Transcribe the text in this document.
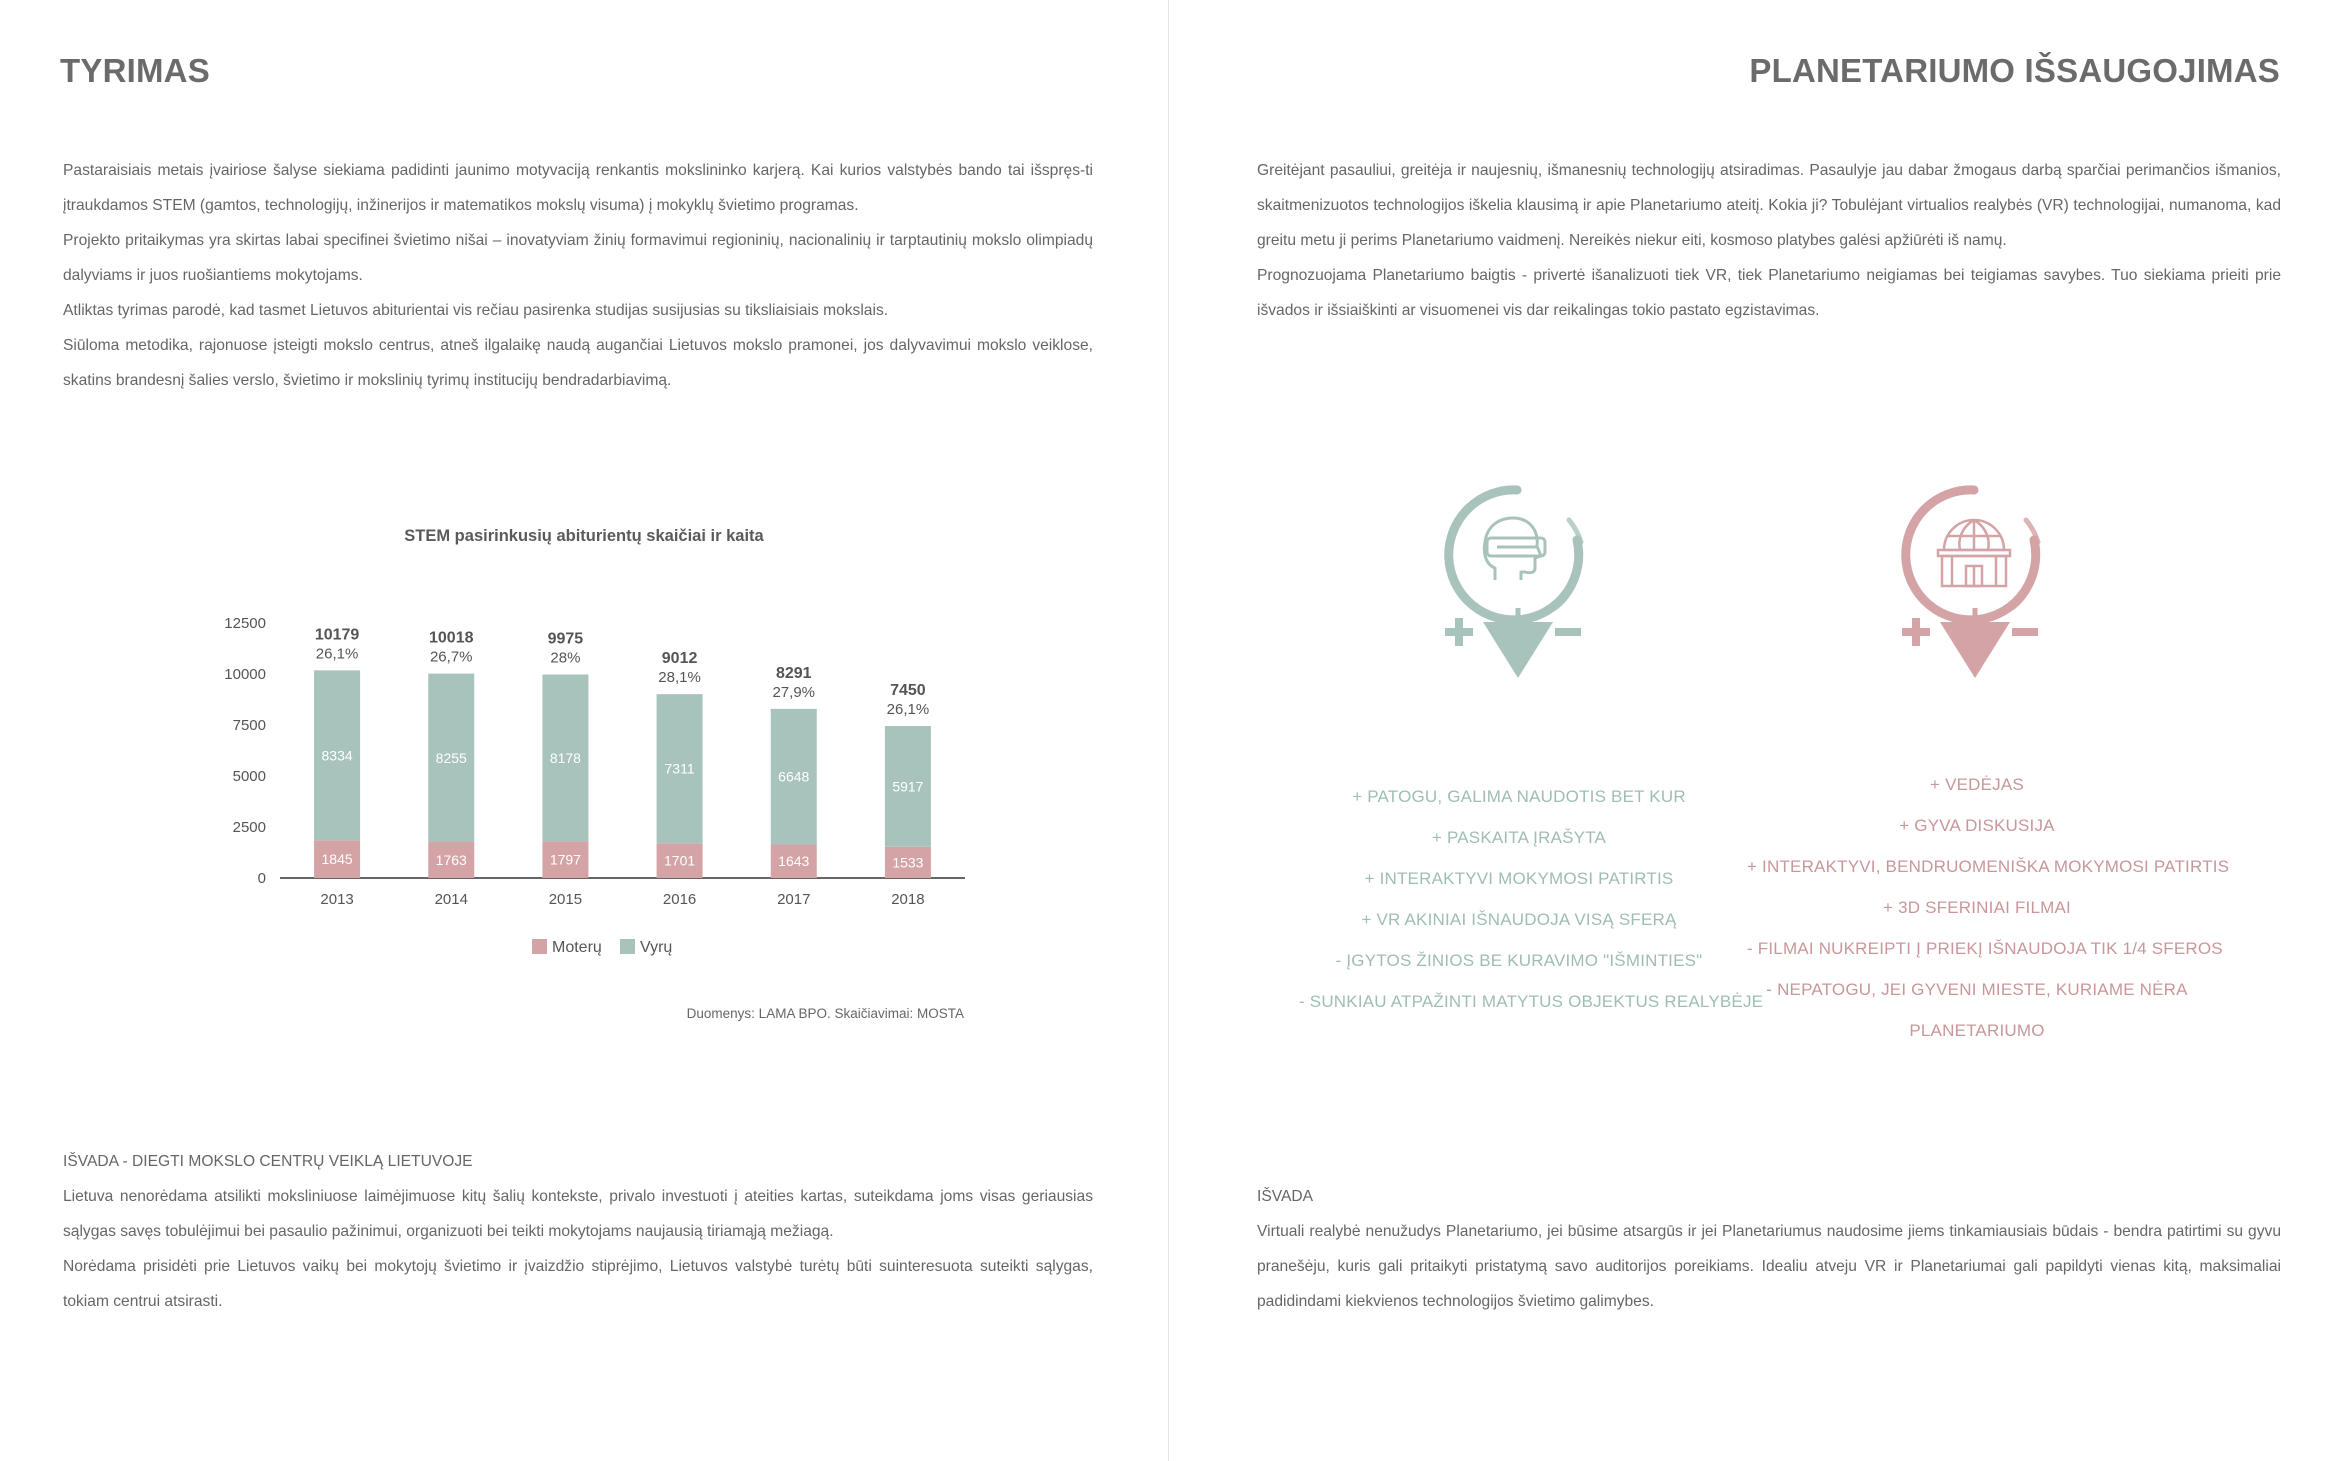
TYRIMAS

Pastaraisiais metais įvairiose šalyse siekiama padidinti jaunimo motyvaciją renkantis mokslininko karjerą. Kai kurios valstybės bando tai išspręs-ti įtraukdamos STEM (gamtos, technologijų, inžinerijos ir matematikos mokslų visuma) į mokyklų švietimo programas.

Projekto pritaikymas yra skirtas labai specifinei švietimo nišai – inovatyviam žinių formavimui regioninių, nacionalinių ir tarptautinių mokslo olimpiadų dalyviams ir juos ruošiantiems mokytojams.

Atliktas tyrimas parodė, kad tasmet Lietuvos abiturientai vis rečiau pasirenka studijas susijusias su tiksliaisiais mokslais.

Siūloma metodika, rajonuose įsteigti mokslo centrus, atneš ilgalaikę naudą augančiai Lietuvos mokslo pramonei, jos dalyvavimui mokslo veiklose, skatins brandesnį šalies verslo, švietimo ir mokslinių tyrimų institucijų bendradarbiavimą.

STEM pasirinkusių abiturientų skaičiai ir kaita
0
2500
5000
7500
10000
12500
1845
8334
10179
26,1%
2013
1763
8255
10018
26,7%
2014
1797
8178
9975
28%
2015
1701
7311
9012
28,1%
2016
1643
6648
8291
27,9%
2017
1533
5917
7450
26,1%
2018
Moterų Vyrų
Duomenys: LAMA BPO. Skaičiavimai: MOSTA

IŠVADA - DIEGTI MOKSLO CENTRŲ VEIKLĄ LIETUVOJE

Lietuva nenorėdama atsilikti moksliniuose laimėjimuose kitų šalių kontekste, privalo investuoti į ateities kartas, suteikdama joms visas geriausias sąlygas savęs tobulėjimui bei pasaulio pažinimui, organizuoti bei teikti mokytojams naujausią tiriamąją mežiagą.

Norėdama prisidėti prie Lietuvos vaikų bei mokytojų švietimo ir įvaizdžio stiprėjimo, Lietuvos valstybė turėtų būti suinteresuota suteikti sąlygas, tokiam centrui atsirasti.

PLANETARIUMO IŠSAUGOJIMAS

Greitėjant pasauliui, greitėja ir naujesnių, išmanesnių technologijų atsiradimas. Pasaulyje jau dabar žmogaus darbą sparčiai perimančios išmanios, skaitmenizuotos technologijos iškelia klausimą ir apie Planetariumo ateitį. Kokia ji? Tobulėjant virtualios realybės (VR) technologijai, numanoma, kad greitu metu ji perims Planetariumo vaidmenį. Nereikės niekur eiti, kosmoso platybes galėsi apžiūrėti iš namų.

Prognozuojama Planetariumo baigtis - privertė išanalizuoti tiek VR, tiek Planetariumo neigiamas bei teigiamas savybes. Tuo siekiama prieiti prie išvados ir išsiaiškinti ar visuomenei vis dar reikalingas tokio pastato egzistavimas.

+ PATOGU, GALIMA NAUDOTIS BET KUR
+ PASKAITA ĮRAŠYTA
+ INTERAKTYVI MOKYMOSI PATIRTIS
+ VR AKINIAI IŠNAUDOJA VISĄ SFERĄ
- ĮGYTOS ŽINIOS BE KURAVIMO "IŠMINTIES"
- SUNKIAU ATPAŽINTI MATYTUS OBJEKTUS REALYBĖJE
+ VEDĖJAS
+ GYVA DISKUSIJA
+ INTERAKTYVI, BENDRUOMENIŠKA MOKYMOSI PATIRTIS
+ 3D SFERINIAI FILMAI
- FILMAI NUKREIPTI Į PRIEKĮ IŠNAUDOJA TIK 1/4 SFEROS
- NEPATOGU, JEI GYVENI MIESTE, KURIAME NĖRA
PLANETARIUMO

IŠVADA

Virtuali realybė nenužudys Planetariumo, jei būsime atsargūs ir jei Planetariumus naudosime jiems tinkamiausiais būdais - bendra patirtimi su gyvu pranešėju, kuris gali pritaikyti pristatymą savo auditorijos poreikiams. Idealiu atveju VR ir Planetariumai gali papildyti vienas kitą, maksimaliai padidindami kiekvienos technologijos švietimo galimybes.
